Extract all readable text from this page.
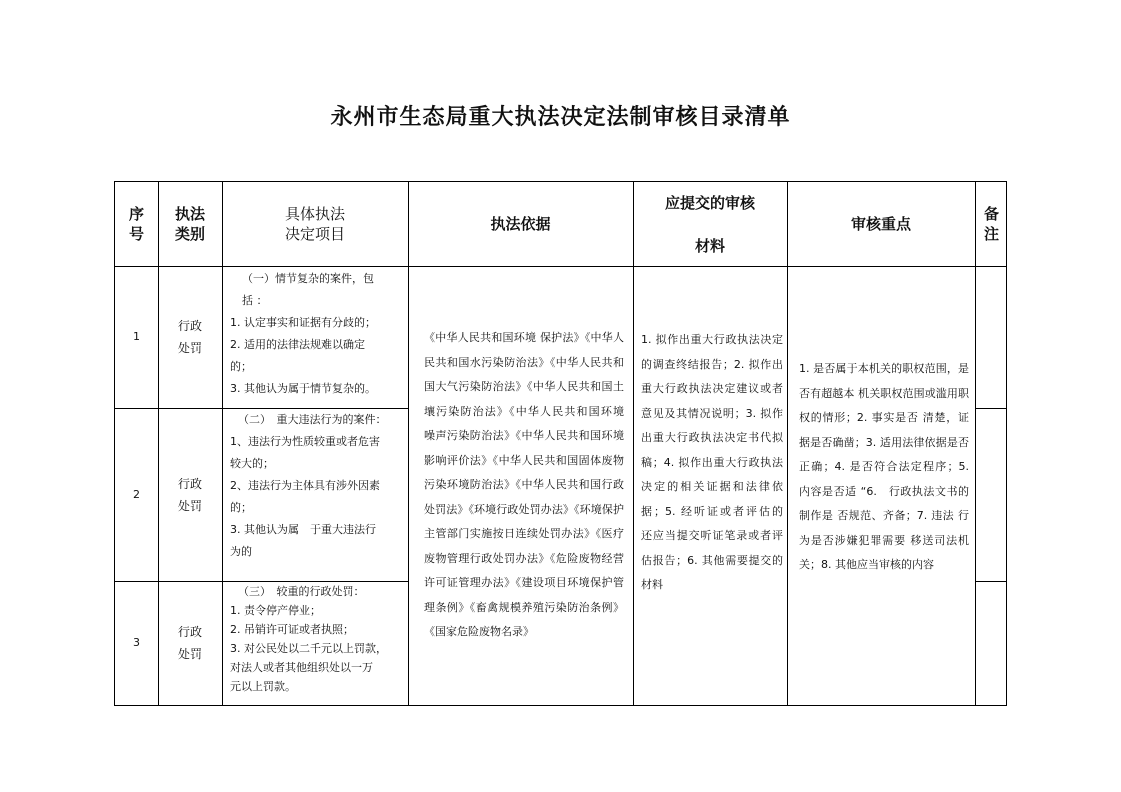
永州市生态局重大执法决定法制审核目录清单
序
号
执法
类别
具体执法
决定项目
执法依据
应提交的审核
材料
审核重点
备
注
1
行政
处罚

（一）情节复杂的案件，包

括 ：

1. 认定事实和证据有分歧的；

2. 适用的法律法规难以确定

的；

3. 其他认为属于情节复杂的。

2
行政
处罚

（二）　重大违法行为的案件：

1、违法行为性质较重或者危害

较大的；

2、违法行为主体具有涉外因素

的；

3. 其他认为属　于重大违法行

为的

3
行政
处罚

（三）　较重的行政处罚：

1. 责令停产停业；

2. 吊销许可证或者执照；

3. 对公民处以二千元以上罚款，

对法人或者其他组织处以一万

元以上罚款。

《中华人民共和国环境 保护法》《中华人民共和国水污染防治法》《中华人民共和国大气污染防治法》《中华人民共和国土壤污染防治法》《中华人民共和国环境　噪声污染防治法》《中华人民共和国环境影响评价法》《中华人民共和国固体废物污染环境防治法》《中华人民共和国行政处罚法》《环境行政处罚办法》《环境保护主管部门实施按日连续处罚办法》《医疗废物管理行政处罚办法》《危险废物经营许可证管理办法》《建设项目环境保护管理条例》《畜禽规模养殖污染防治条例》《国家危险废物名录》
1. 拟作出重大行政执法决定的调查终结报告；2. 拟作出重大行政执法决定建议或者意见及其情况说明；3. 拟作出重大行政执法决定书代拟稿；4. 拟作出重大行政执法决定的相关证据和法律依据；5. 经听证或者评估的　还应当提交听证笔录或者评估报告；6. 其他需要提交的材料
1. 是否属于本机关的职权范围，是否有超越本 机关职权范围或滥用职权的情形；2. 事实是否 清楚，证据是否确凿；3. 适用法律依据是否正确；4. 是否符合法定程序；5. 内容是否适 “6.　行政执法文书的制作是 否规范、齐备；7. 违法 行为是否涉嫌犯罪需要 移送司法机关；8. 其他应当审核的内容
